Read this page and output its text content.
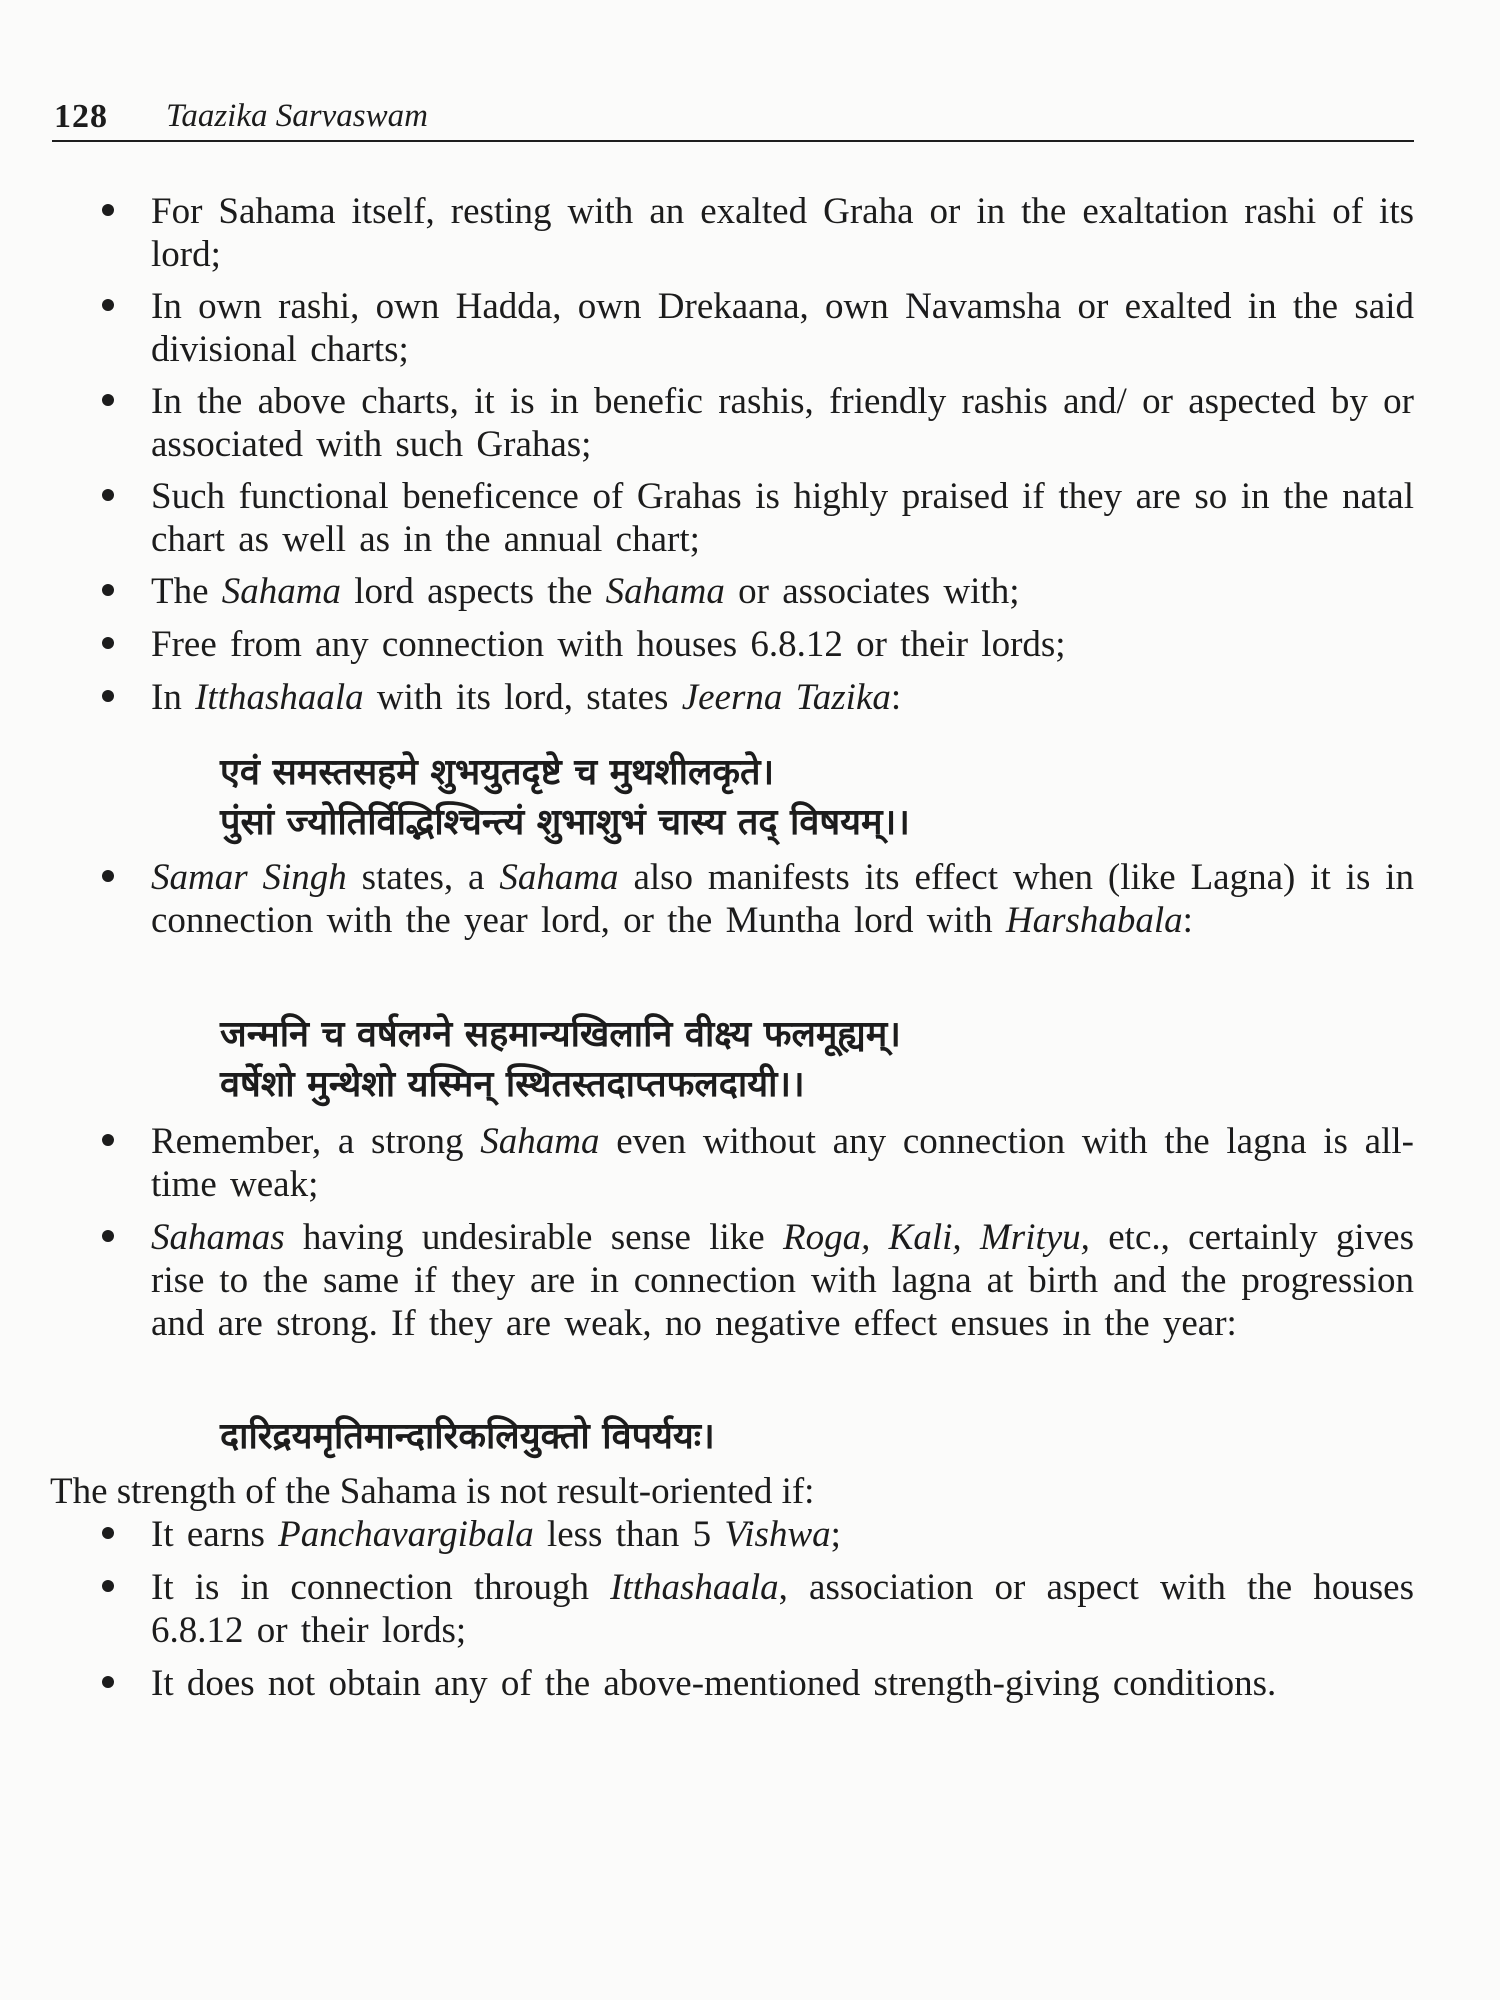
128 Taazika Sarvaswam
For Sahama itself, resting with an exalted Graha or in the exaltation rashi of its lord;
In own rashi, own Hadda, own Drekaana, own Navamsha or exalted in the said divisional charts;
In the above charts, it is in benefic rashis, friendly rashis and/ or aspected by or associated with such Grahas;
Such functional beneficence of Grahas is highly praised if they are so in the natal chart as well as in the annual chart;
The Sahama lord aspects the Sahama or associates with;
Free from any connection with houses 6.8.12 or their lords;
In Itthashaala with its lord, states Jeerna Tazika:
एवं समस्तसहमे शुभयुतदृष्टे च मुथशीलकृते।
पुंसां ज्योतिर्विद्भिश्चिन्त्यं शुभाशुभं चास्य तद् विषयम्।।
Samar Singh states, a Sahama also manifests its effect when (like Lagna) it is in connection with the year lord, or the Muntha lord with Harshabala:
जन्मनि च वर्षलग्ने सहमान्यखिलानि वीक्ष्य फलमूह्यम्।
वर्षेशो मुन्थेशो यस्मिन् स्थितस्तदाप्तफलदायी।।
Remember, a strong Sahama even without any connection with the lagna is all-time weak;
Sahamas having undesirable sense like Roga, Kali, Mrityu, etc., certainly gives rise to the same if they are in connection with lagna at birth and the progression and are strong. If they are weak, no negative effect ensues in the year:
दारिद्रयमृतिमान्दारिकलियुक्तो विपर्ययः।
The strength of the Sahama is not result-oriented if:
It earns Panchavargibala less than 5 Vishwa;
It is in connection through Itthashaala, association or aspect with the houses 6.8.12 or their lords;
It does not obtain any of the above-mentioned strength-giving conditions.
